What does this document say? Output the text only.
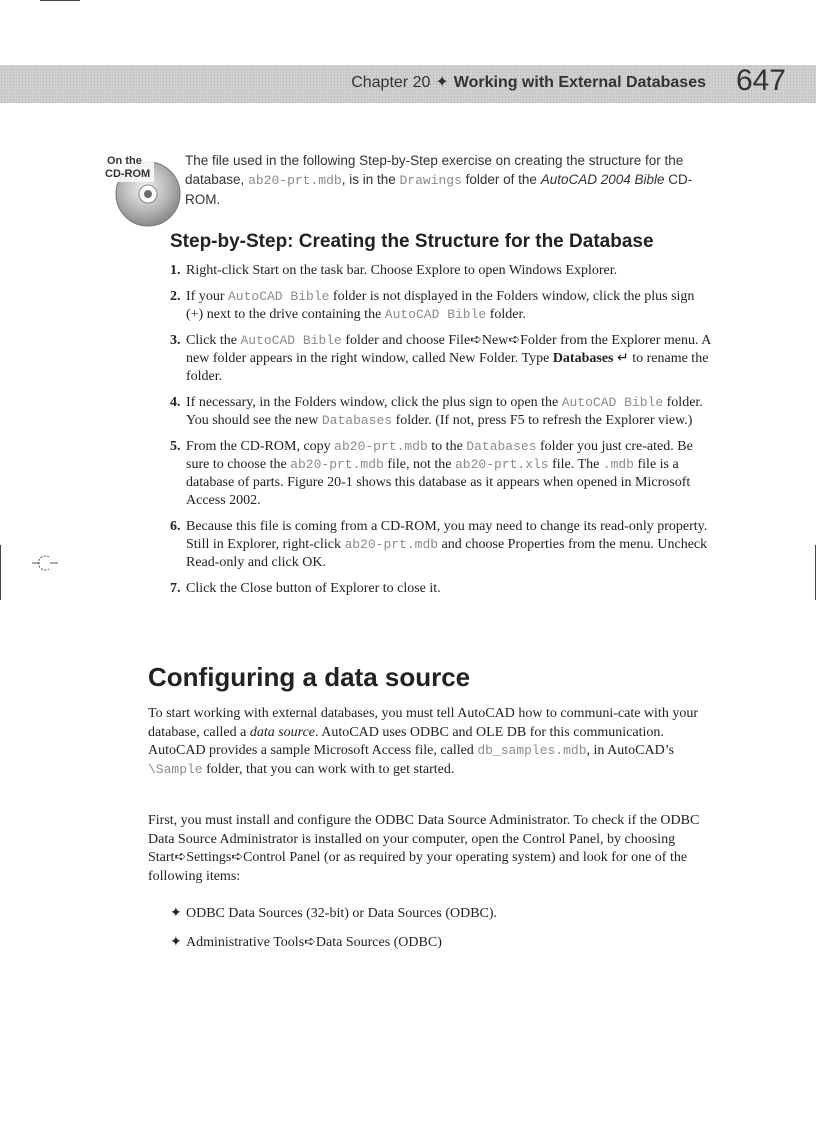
Chapter 20 ✦ Working with External Databases 647
On the
CD-ROM
The file used in the following Step-by-Step exercise on creating the structure for the database, ab20-prt.mdb, is in the Drawings folder of the AutoCAD 2004 Bible CD-ROM.
Step-by-Step: Creating the Structure for the Database
1. Right-click Start on the task bar. Choose Explore to open Windows Explorer.
2. If your AutoCAD Bible folder is not displayed in the Folders window, click the plus sign (+) next to the drive containing the AutoCAD Bible folder.
3. Click the AutoCAD Bible folder and choose File➪New➪Folder from the Explorer menu. A new folder appears in the right window, called New Folder. Type Databases ↵ to rename the folder.
4. If necessary, in the Folders window, click the plus sign to open the AutoCAD Bible folder. You should see the new Databases folder. (If not, press F5 to refresh the Explorer view.)
5. From the CD-ROM, copy ab20-prt.mdb to the Databases folder you just cre-ated. Be sure to choose the ab20-prt.mdb file, not the ab20-prt.xls file. The .mdb file is a database of parts. Figure 20-1 shows this database as it appears when opened in Microsoft Access 2002.
6. Because this file is coming from a CD-ROM, you may need to change its read-only property. Still in Explorer, right-click ab20-prt.mdb and choose Properties from the menu. Uncheck Read-only and click OK.
7. Click the Close button of Explorer to close it.
Configuring a data source

To start working with external databases, you must tell AutoCAD how to communi-cate with your database, called a data source. AutoCAD uses ODBC and OLE DB for this communication. AutoCAD provides a sample Microsoft Access file, called db_samples.mdb, in AutoCAD’s \Sample folder, that you can work with to get started.

First, you must install and configure the ODBC Data Source Administrator. To check if the ODBC Data Source Administrator is installed on your computer, open the Control Panel, by choosing Start➪Settings➪Control Panel (or as required by your operating system) and look for one of the following items:

✦ ODBC Data Sources (32-bit) or Data Sources (ODBC).
✦ Administrative Tools➪Data Sources (ODBC)
